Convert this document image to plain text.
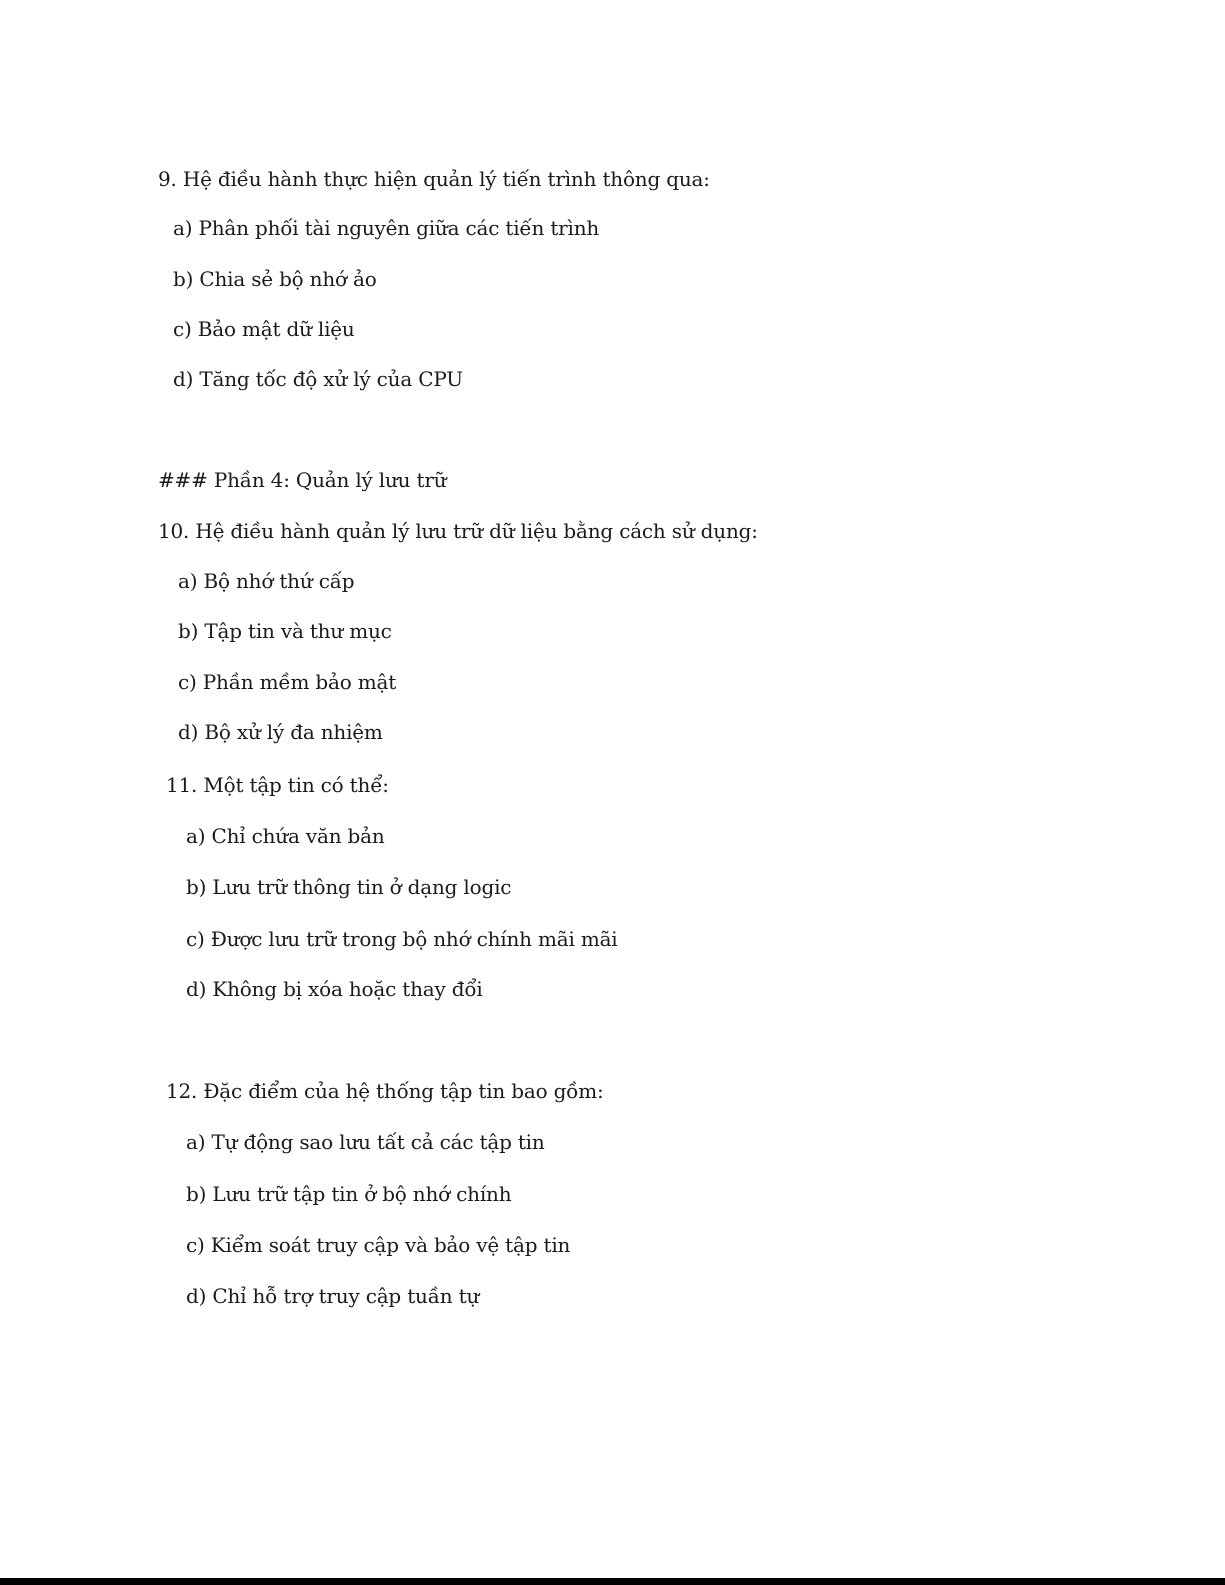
9. Hệ điều hành thực hiện quản lý tiến trình thông qua:
a) Phân phối tài nguyên giữa các tiến trình
b) Chia sẻ bộ nhớ ảo
c) Bảo mật dữ liệu
d) Tăng tốc độ xử lý của CPU
### Phần 4: Quản lý lưu trữ
10. Hệ điều hành quản lý lưu trữ dữ liệu bằng cách sử dụng:
a) Bộ nhớ thứ cấp
b) Tập tin và thư mục
c) Phần mềm bảo mật
d) Bộ xử lý đa nhiệm
11. Một tập tin có thể:
a) Chỉ chứa văn bản
b) Lưu trữ thông tin ở dạng logic
c) Được lưu trữ trong bộ nhớ chính mãi mãi
d) Không bị xóa hoặc thay đổi
12. Đặc điểm của hệ thống tập tin bao gồm:
a) Tự động sao lưu tất cả các tập tin
b) Lưu trữ tập tin ở bộ nhớ chính
c) Kiểm soát truy cập và bảo vệ tập tin
d) Chỉ hỗ trợ truy cập tuần tự
